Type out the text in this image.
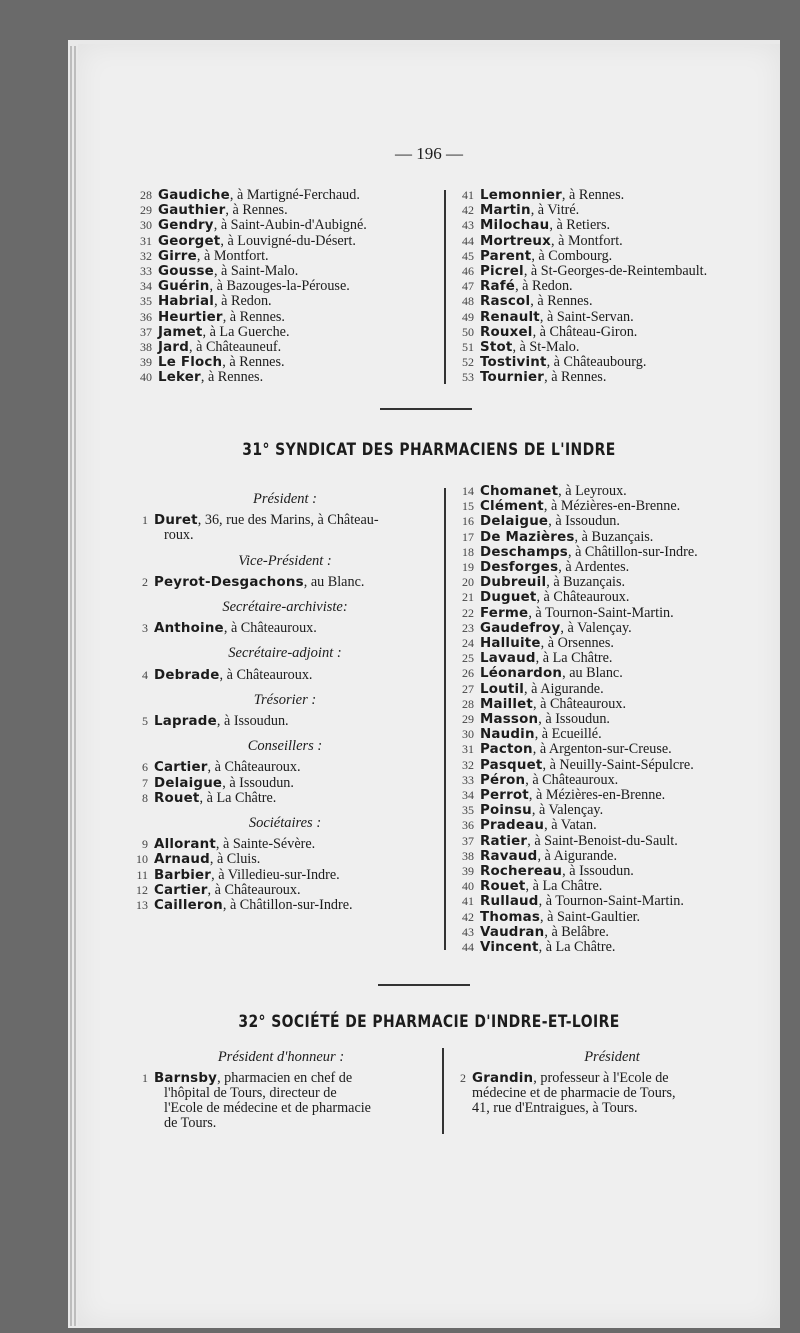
— 196 —
28 Gaudiche, à Martigné-Ferchaud.
29 Gauthier, à Rennes.
30 Gendry, à Saint-Aubin-d'Aubigné.
31 Georget, à Louvigné-du-Désert.
32 Girre, à Montfort.
33 Gousse, à Saint-Malo.
34 Guérin, à Bazouges-la-Pérouse.
35 Habrial, à Redon.
36 Heurtier, à Rennes.
37 Jamet, à La Guerche.
38 Jard, à Châteauneuf.
39 Le Floch, à Rennes.
40 Leker, à Rennes.
41 Lemonnier, à Rennes.
42 Martin, à Vitré.
43 Milochau, à Retiers.
44 Mortreux, à Montfort.
45 Parent, à Combourg.
46 Picrel, à St-Georges-de-Reintembault.
47 Rafé, à Redon.
48 Rascol, à Rennes.
49 Renault, à Saint-Servan.
50 Rouxel, à Château-Giron.
51 Stot, à St-Malo.
52 Tostivint, à Châteaubourg.
53 Tournier, à Rennes.
31° SYNDICAT DES PHARMACIENS DE L'INDRE
Président :
1 Duret, 36, rue des Marins, à Château-
roux.
Vice-Président :
2 Peyrot-Desgachons, au Blanc.
Secrétaire-archiviste:
3 Anthoine, à Châteauroux.
Secrétaire-adjoint :
4 Debrade, à Châteauroux.
Trésorier :
5 Laprade, à Issoudun.
Conseillers :
6 Cartier, à Châteauroux.
7 Delaigue, à Issoudun.
8 Rouet, à La Châtre.
Sociétaires :
9 Allorant, à Sainte-Sévère.
10 Arnaud, à Cluis.
11 Barbier, à Villedieu-sur-Indre.
12 Cartier, à Châteauroux.
13 Cailleron, à Châtillon-sur-Indre.
14 Chomanet, à Leyroux.
15 Clément, à Mézières-en-Brenne.
16 Delaigue, à Issoudun.
17 De Mazières, à Buzançais.
18 Deschamps, à Châtillon-sur-Indre.
19 Desforges, à Ardentes.
20 Dubreuil, à Buzançais.
21 Duguet, à Châteauroux.
22 Ferme, à Tournon-Saint-Martin.
23 Gaudefroy, à Valençay.
24 Halluite, à Orsennes.
25 Lavaud, à La Châtre.
26 Léonardon, au Blanc.
27 Loutil, à Aigurande.
28 Maillet, à Châteauroux.
29 Masson, à Issoudun.
30 Naudin, à Ecueillé.
31 Pacton, à Argenton-sur-Creuse.
32 Pasquet, à Neuilly-Saint-Sépulcre.
33 Péron, à Châteauroux.
34 Perrot, à Mézières-en-Brenne.
35 Poinsu, à Valençay.
36 Pradeau, à Vatan.
37 Ratier, à Saint-Benoist-du-Sault.
38 Ravaud, à Aigurande.
39 Rochereau, à Issoudun.
40 Rouet, à La Châtre.
41 Rullaud, à Tournon-Saint-Martin.
42 Thomas, à Saint-Gaultier.
43 Vaudran, à Belâbre.
44 Vincent, à La Châtre.
32° SOCIÉTÉ DE PHARMACIE D'INDRE-ET-LOIRE
Président d'honneur :
1 Barnsby, pharmacien en chef de
l'hôpital de Tours, directeur de
l'Ecole de médecine et de pharmacie
de Tours.
Président
2 Grandin, professeur à l'Ecole de
médecine et de pharmacie de Tours,
41, rue d'Entraigues, à Tours.
